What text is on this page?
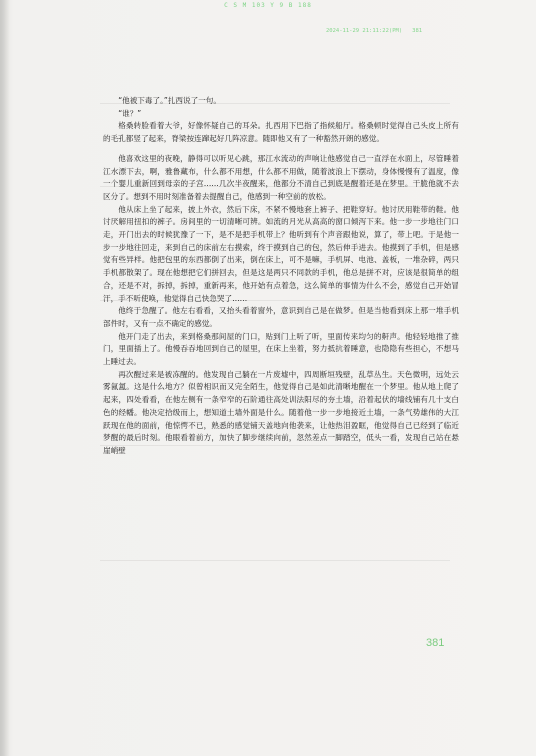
C S M 103 Y 9 B 188
2024-11-29 21:11:22(PM) 381

“他被下毒了。”扎西说了一句。

“谁？”

格桑转脸看着大爷，好像怀疑自己的耳朵。扎西用下巴指了指候船厅。格桑顿时觉得自己头皮上所有的毛孔都竖了起来，脊梁按连蹿起好几阵凉意。随即他又有了一种豁然开朗的感觉。

他喜欢这里的夜晚，静得可以听见心跳，那江水流动的声响让他感觉自己一直浮在水面上，尽管睡着江水漂下去，啊，雅鲁藏布，什么都不用想，什么都不用做，随着波浪上下摆动，身体慢慢有了温度，像一个婴儿重新回到母亲的子宫……几次半夜醒来，他都分不清自己到底是醒着还是在梦里。干脆他就不去区分了。想到不用时刻准备着去提醒自己，他感到一种空前的放松。

他从床上坐了起来，披上外衣，然后下床，不紧不慢地套上裤子、把鞋穿好。他讨厌用鞋带的鞋。他讨厌解用扭扣的裤子。房间里的一切清晰可辨。如流的月光从高高的窗口倾泻下来。他一步一步地往门口走，开门出去的时候犹豫了一下，是不是把手机带上？他听到有个声音跟他说，算了，带上吧。于是他一步一步地往回走，来到自己的床前左右摸索，终于摸到自己的包，然后伸手进去。他摸到了手机，但是感觉有些异样。他把包里的东西都倒了出来，倒在床上，可不是嘛，手机屏、电池、盖板，一堆杂碎，两只手机都散架了。现在他想把它们拼回去，但是这是两只不同款的手机，他总是拼不对，应该是很简单的组合，还是不对，拆掉，拆掉，重新再来，他开始有点着急，这么简单的事情为什么不会，感觉自己开始冒汗，手不听使唤，他觉得自己快急哭了……

他终于急醒了。他左右看看，又抬头看着窗外，意识到自己是在做梦。但是当他看到床上那一堆手机部件时，又有一点不确定的感觉。

他开门走了出去，来到格桑那间屋的门口，贴到门上听了听，里面传来均匀的鼾声。他轻轻地推了推门，里面插上了。他慢吞吞地回到自己的屋里，在床上坐着，努力抵抗着睡意，也隐隐有些担心，不想马上睡过去。

再次醒过来是被冻醒的。他发现自己躺在一片废墟中，四周断垣残壁，乱草丛生。天色微明，远处云雾氤氲。这是什么地方？似曾相识而又完全陌生，他觉得自己是如此清晰地醒在一个梦里。他从地上爬了起来，四处看看，在他左侧有一条窄窄的石阶通往高处训法阳尽的夯土墙，沿着起伏的墙线铺有几十支白色的经幡。他决定拾级而上，想知道土墙外面是什么。随着他一步一步地接近土墙，一条气势雄伟的大江跃现在他的面前，他惊愕不已，熟悉的感觉铺天盖地向他袭来，让他热泪盈眶，他觉得自己已经到了临近梦醒的最后时刻。他眼看着前方，加快了脚步继续向前，忽然差点一脚踏空，低头一看，发现自己站在悬崖峭壁

381
